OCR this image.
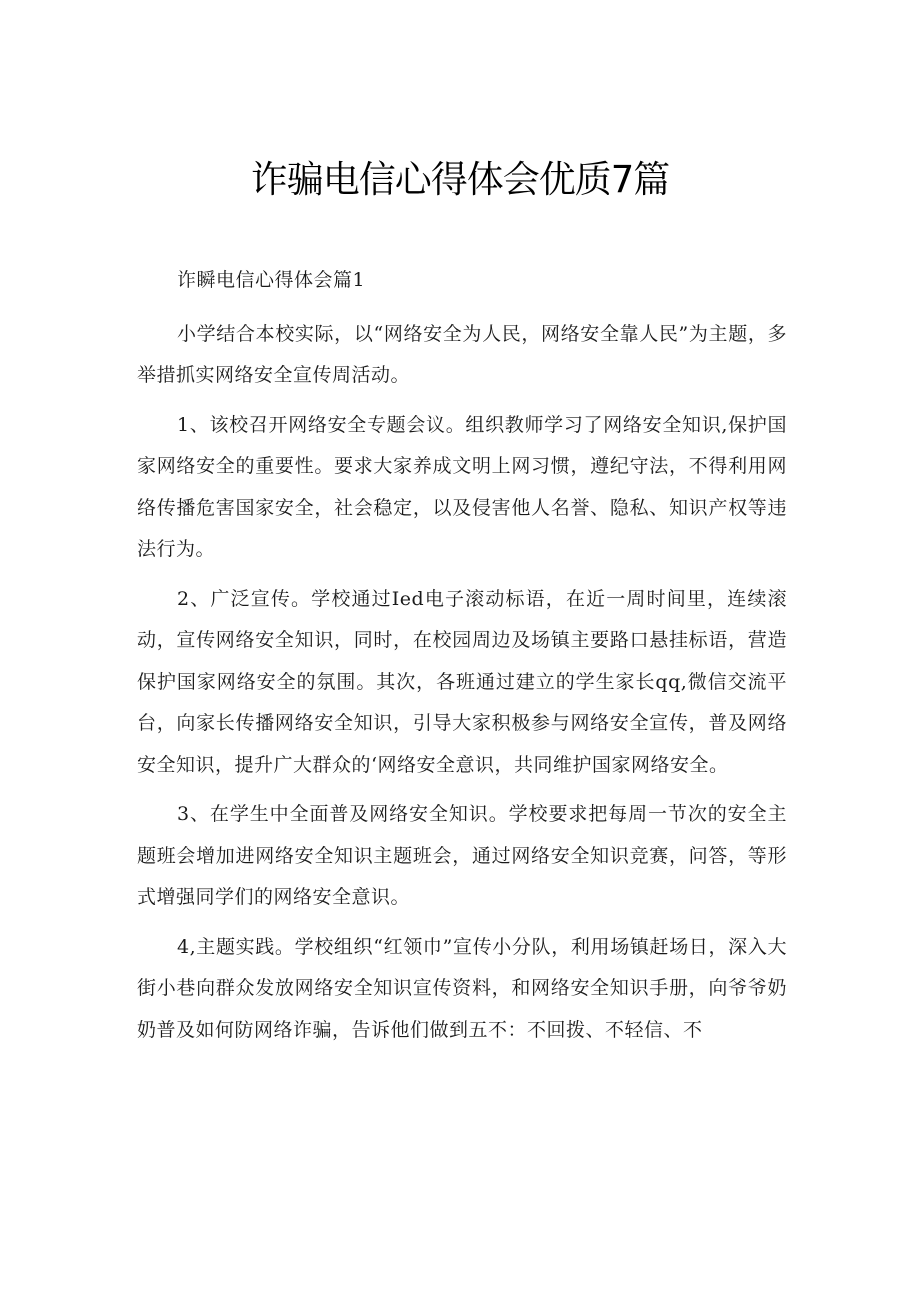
诈骗电信心得体会优质7篇

诈瞬电信心得体会篇1

小学结合本校实际，以“网络安全为人民，网络安全靠人民”为主题，多举措抓实网络安全宣传周活动。

1、该校召开网络安全专题会议。组织教师学习了网络安全知识,保护国家网络安全的重要性。要求大家养成文明上网习惯，遵纪守法，不得利用网络传播危害国家安全，社会稳定，以及侵害他人名誉、隐私、知识产权等违法行为。

2、广泛宣传。学校通过Ied电子滚动标语，在近一周时间里，连续滚动，宣传网络安全知识，同时，在校园周边及场镇主要路口悬挂标语，营造保护国家网络安全的氛围。其次，各班通过建立的学生家长qq,微信交流平台，向家长传播网络安全知识，引导大家积极参与网络安全宣传，普及网络安全知识，提升广大群众的‘网络安全意识，共同维护国家网络安全。

3、在学生中全面普及网络安全知识。学校要求把每周一节次的安全主题班会增加进网络安全知识主题班会，通过网络安全知识竞赛，问答，等形式增强同学们的网络安全意识。

4,主题实践。学校组织“红领巾”宣传小分队，利用场镇赶场日，深入大街小巷向群众发放网络安全知识宣传资料，和网络安全知识手册，向爷爷奶奶普及如何防网络诈骗，告诉他们做到五不：不回拨、不轻信、不
